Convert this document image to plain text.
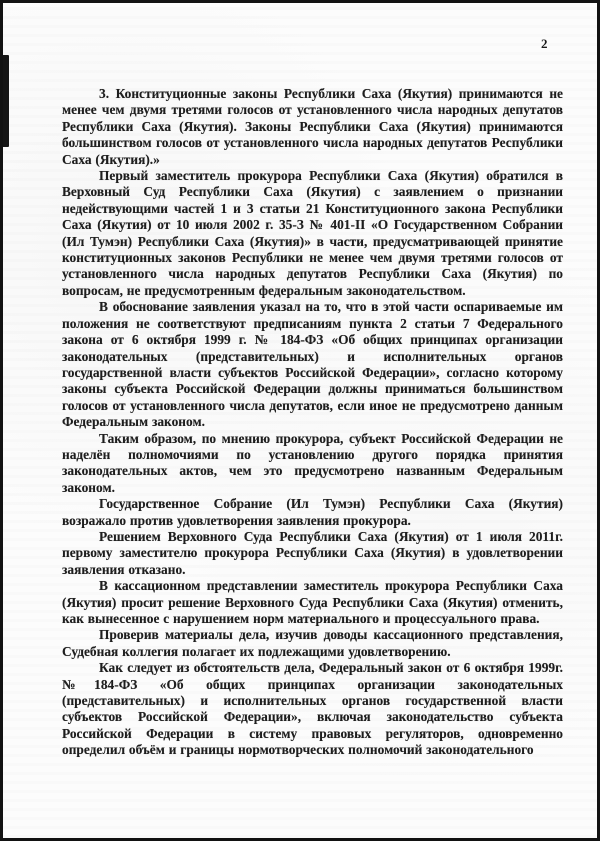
2

3. Конституционные законы Республики Саха (Якутия) принимаются не менее чем двумя третями голосов от установленного числа народных депутатов Республики Саха (Якутия). Законы Республики Саха (Якутия) принимаются большинством голосов от установленного числа народных депутатов Республики Саха (Якутия).»

Первый заместитель прокурора Республики Саха (Якутия) обратился в Верховный Суд Республики Саха (Якутия) с заявлением о признании недействующими частей 1 и 3 статьи 21 Конституционного закона Республики Саха (Якутия) от 10 июля 2002 г. 35-З № 401-II «О Государственном Собрании (Ил Тумэн) Республики Саха (Якутия)» в части, предусматривающей принятие конституционных законов Республики не менее чем двумя третями голосов от установленного числа народных депутатов Республики Саха (Якутия) по вопросам, не предусмотренным федеральным законодательством.

В обоснование заявления указал на то, что в этой части оспариваемые им положения не соответствуют предписаниям пункта 2 статьи 7 Федерального закона от 6 октября 1999 г. № 184-ФЗ «Об общих принципах организации законодательных (представительных) и исполнительных органов государственной власти субъектов Российской Федерации», согласно которому законы субъекта Российской Федерации должны приниматься большинством голосов от установленного числа депутатов, если иное не предусмотрено данным Федеральным законом.

Таким образом, по мнению прокурора, субъект Российской Федерации не наделён полномочиями по установлению другого порядка принятия законодательных актов, чем это предусмотрено названным Федеральным законом.

Государственное Собрание (Ил Тумэн) Республики Саха (Якутия) возражало против удовлетворения заявления прокурора.

Решением Верховного Суда Республики Саха (Якутия) от 1 июля 2011г. первому заместителю прокурора Республики Саха (Якутия) в удовлетворении заявления отказано.

В кассационном представлении заместитель прокурора Республики Саха (Якутия) просит решение Верховного Суда Республики Саха (Якутия) отменить, как вынесенное с нарушением норм материального и процессуального права.

Проверив материалы дела, изучив доводы кассационного представления, Судебная коллегия полагает их подлежащими удовлетворению.

Как следует из обстоятельств дела, Федеральный закон от 6 октября 1999г. №184-ФЗ «Об общих принципах организации законодательных (представительных) и исполнительных органов государственной власти субъектов Российской Федерации», включая законодательство субъекта Российской Федерации в систему правовых регуляторов, одновременно определил объём и границы нормотворческих полномочий законодательного
